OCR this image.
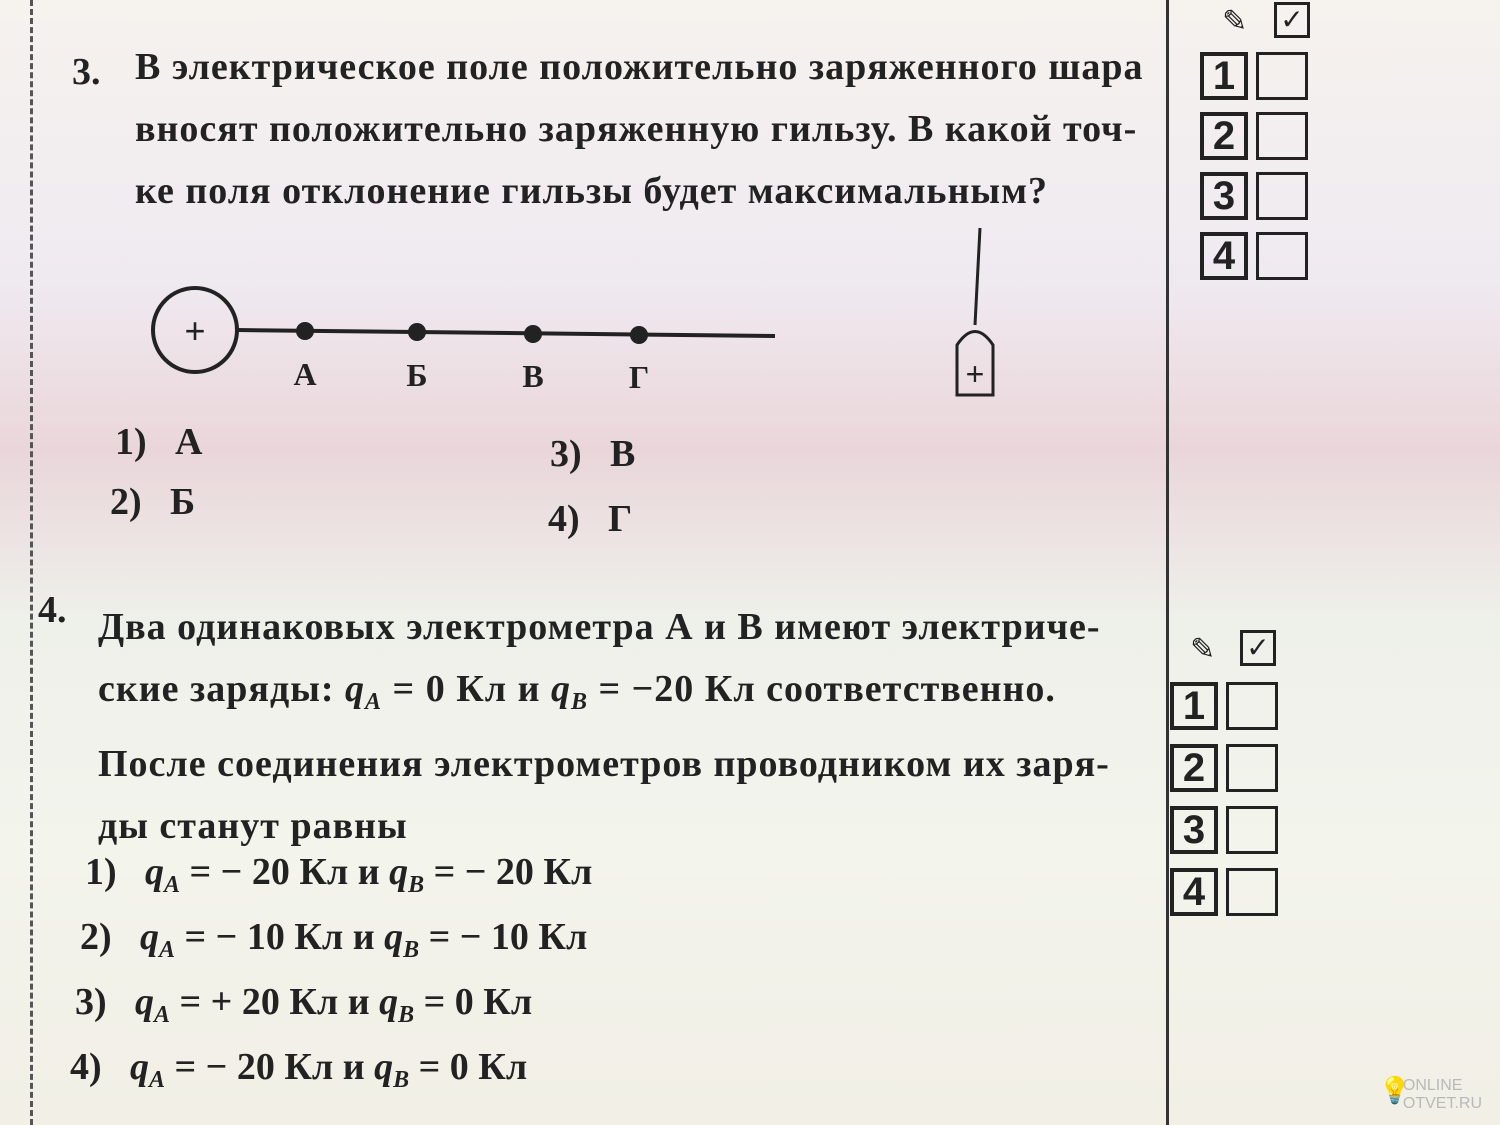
3. В электрическое поле положительно заряженного шара
вносят положительно заряженную гильзу. В какой точ-
ке поля отклонение гильзы будет максимальным?
+
А	Б	В	Г	+
1) А
2) Б
3) В
4) Г
✎ ✓
1
2
3
4
4. Два одинаковых электрометра А и В имеют электриче-
ские заряды: $q_A = 0$ Кл и $q_B = -20$ Кл соответственно.
После соединения электрометров проводником их заря-
ды станут равны
1) $q_A$ = − 20 Кл и $q_B$ = − 20 Кл
2) $q_A$ = − 10 Кл и $q_B$ = − 10 Кл
3) $q_A$ = + 20 Кл и $q_B = 0$ Кл
4) $q_A$ = − 20 Кл и $q_B = 0$ Кл
✎ ✓
1
2
3
4
💡
ONLINE
OTVET.RU
